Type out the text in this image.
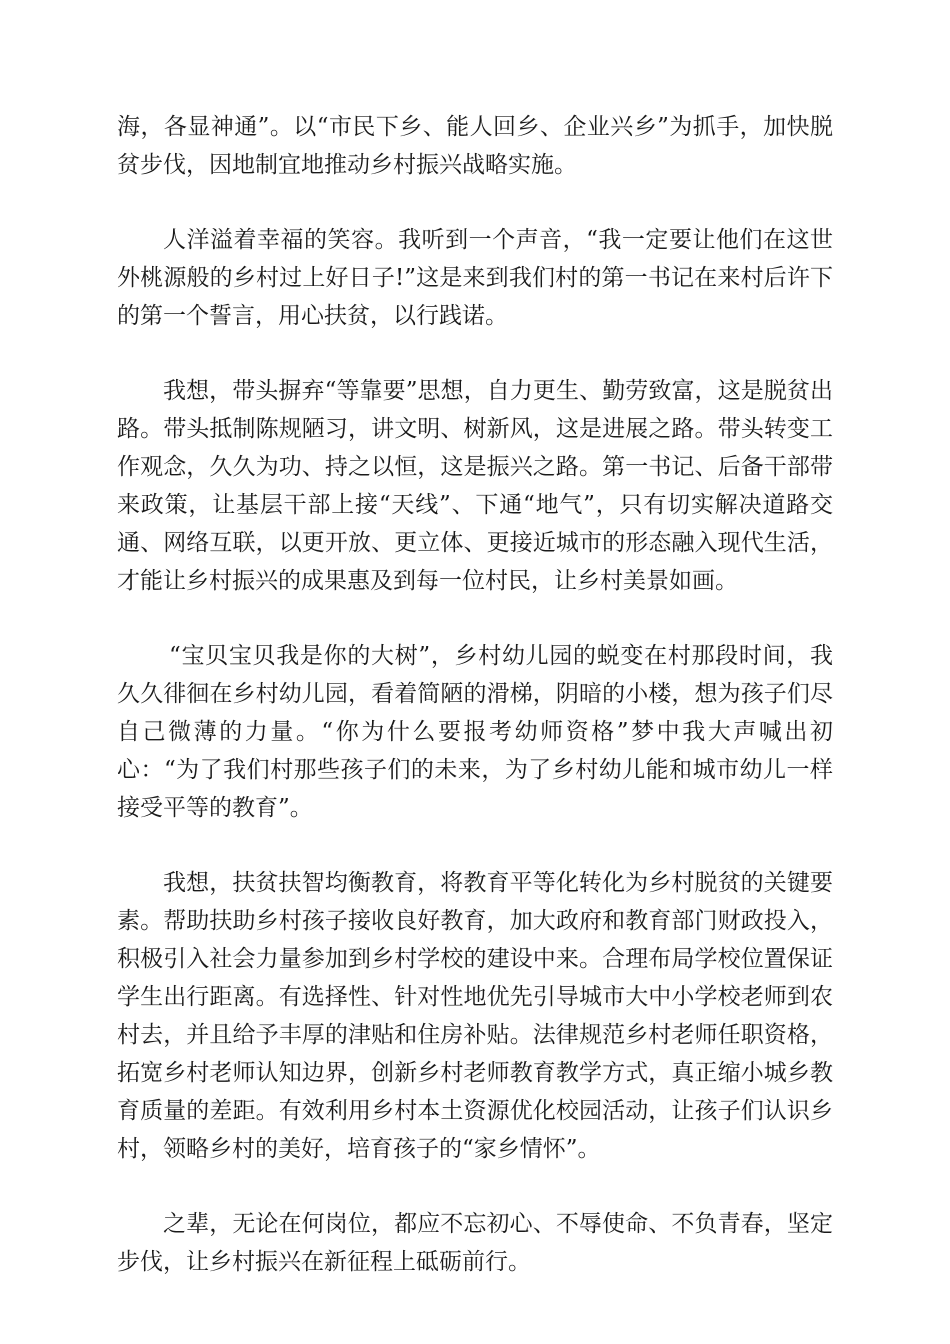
海，各显神通”。以“市民下乡、能人回乡、企业兴乡”为抓手，加快脱贫步伐，因地制宜地推动乡村振兴战略实施。

人洋溢着幸福的笑容。我听到一个声音，“我一定要让他们在这世外桃源般的乡村过上好日子!”这是来到我们村的第一书记在来村后许下的第一个誓言，用心扶贫，以行践诺。

我想，带头摒弃“等靠要”思想，自力更生、勤劳致富，这是脱贫出路。带头抵制陈规陋习，讲文明、树新风，这是进展之路。带头转变工作观念，久久为功、持之以恒，这是振兴之路。第一书记、后备干部带来政策，让基层干部上接“天线”、下通“地气”，只有切实解决道路交通、网络互联，以更开放、更立体、更接近城市的形态融入现代生活，才能让乡村振兴的成果惠及到每一位村民，让乡村美景如画。

“宝贝宝贝我是你的大树”，乡村幼儿园的蜕变在村那段时间，我久久徘徊在乡村幼儿园，看着简陋的滑梯，阴暗的小楼，想为孩子们尽自己微薄的力量。“你为什么要报考幼师资格”梦中我大声喊出初心：“为了我们村那些孩子们的未来，为了乡村幼儿能和城市幼儿一样接受平等的教育”。

我想，扶贫扶智均衡教育，将教育平等化转化为乡村脱贫的关键要素。帮助扶助乡村孩子接收良好教育，加大政府和教育部门财政投入，积极引入社会力量参加到乡村学校的建设中来。合理布局学校位置保证学生出行距离。有选择性、针对性地优先引导城市大中小学校老师到农村去，并且给予丰厚的津贴和住房补贴。法律规范乡村老师任职资格，拓宽乡村老师认知边界，创新乡村老师教育教学方式，真正缩小城乡教育质量的差距。有效利用乡村本土资源优化校园活动，让孩子们认识乡村，领略乡村的美好，培育孩子的“家乡情怀”。

之辈，无论在何岗位，都应不忘初心、不辱使命、不负青春，坚定步伐，让乡村振兴在新征程上砥砺前行。
